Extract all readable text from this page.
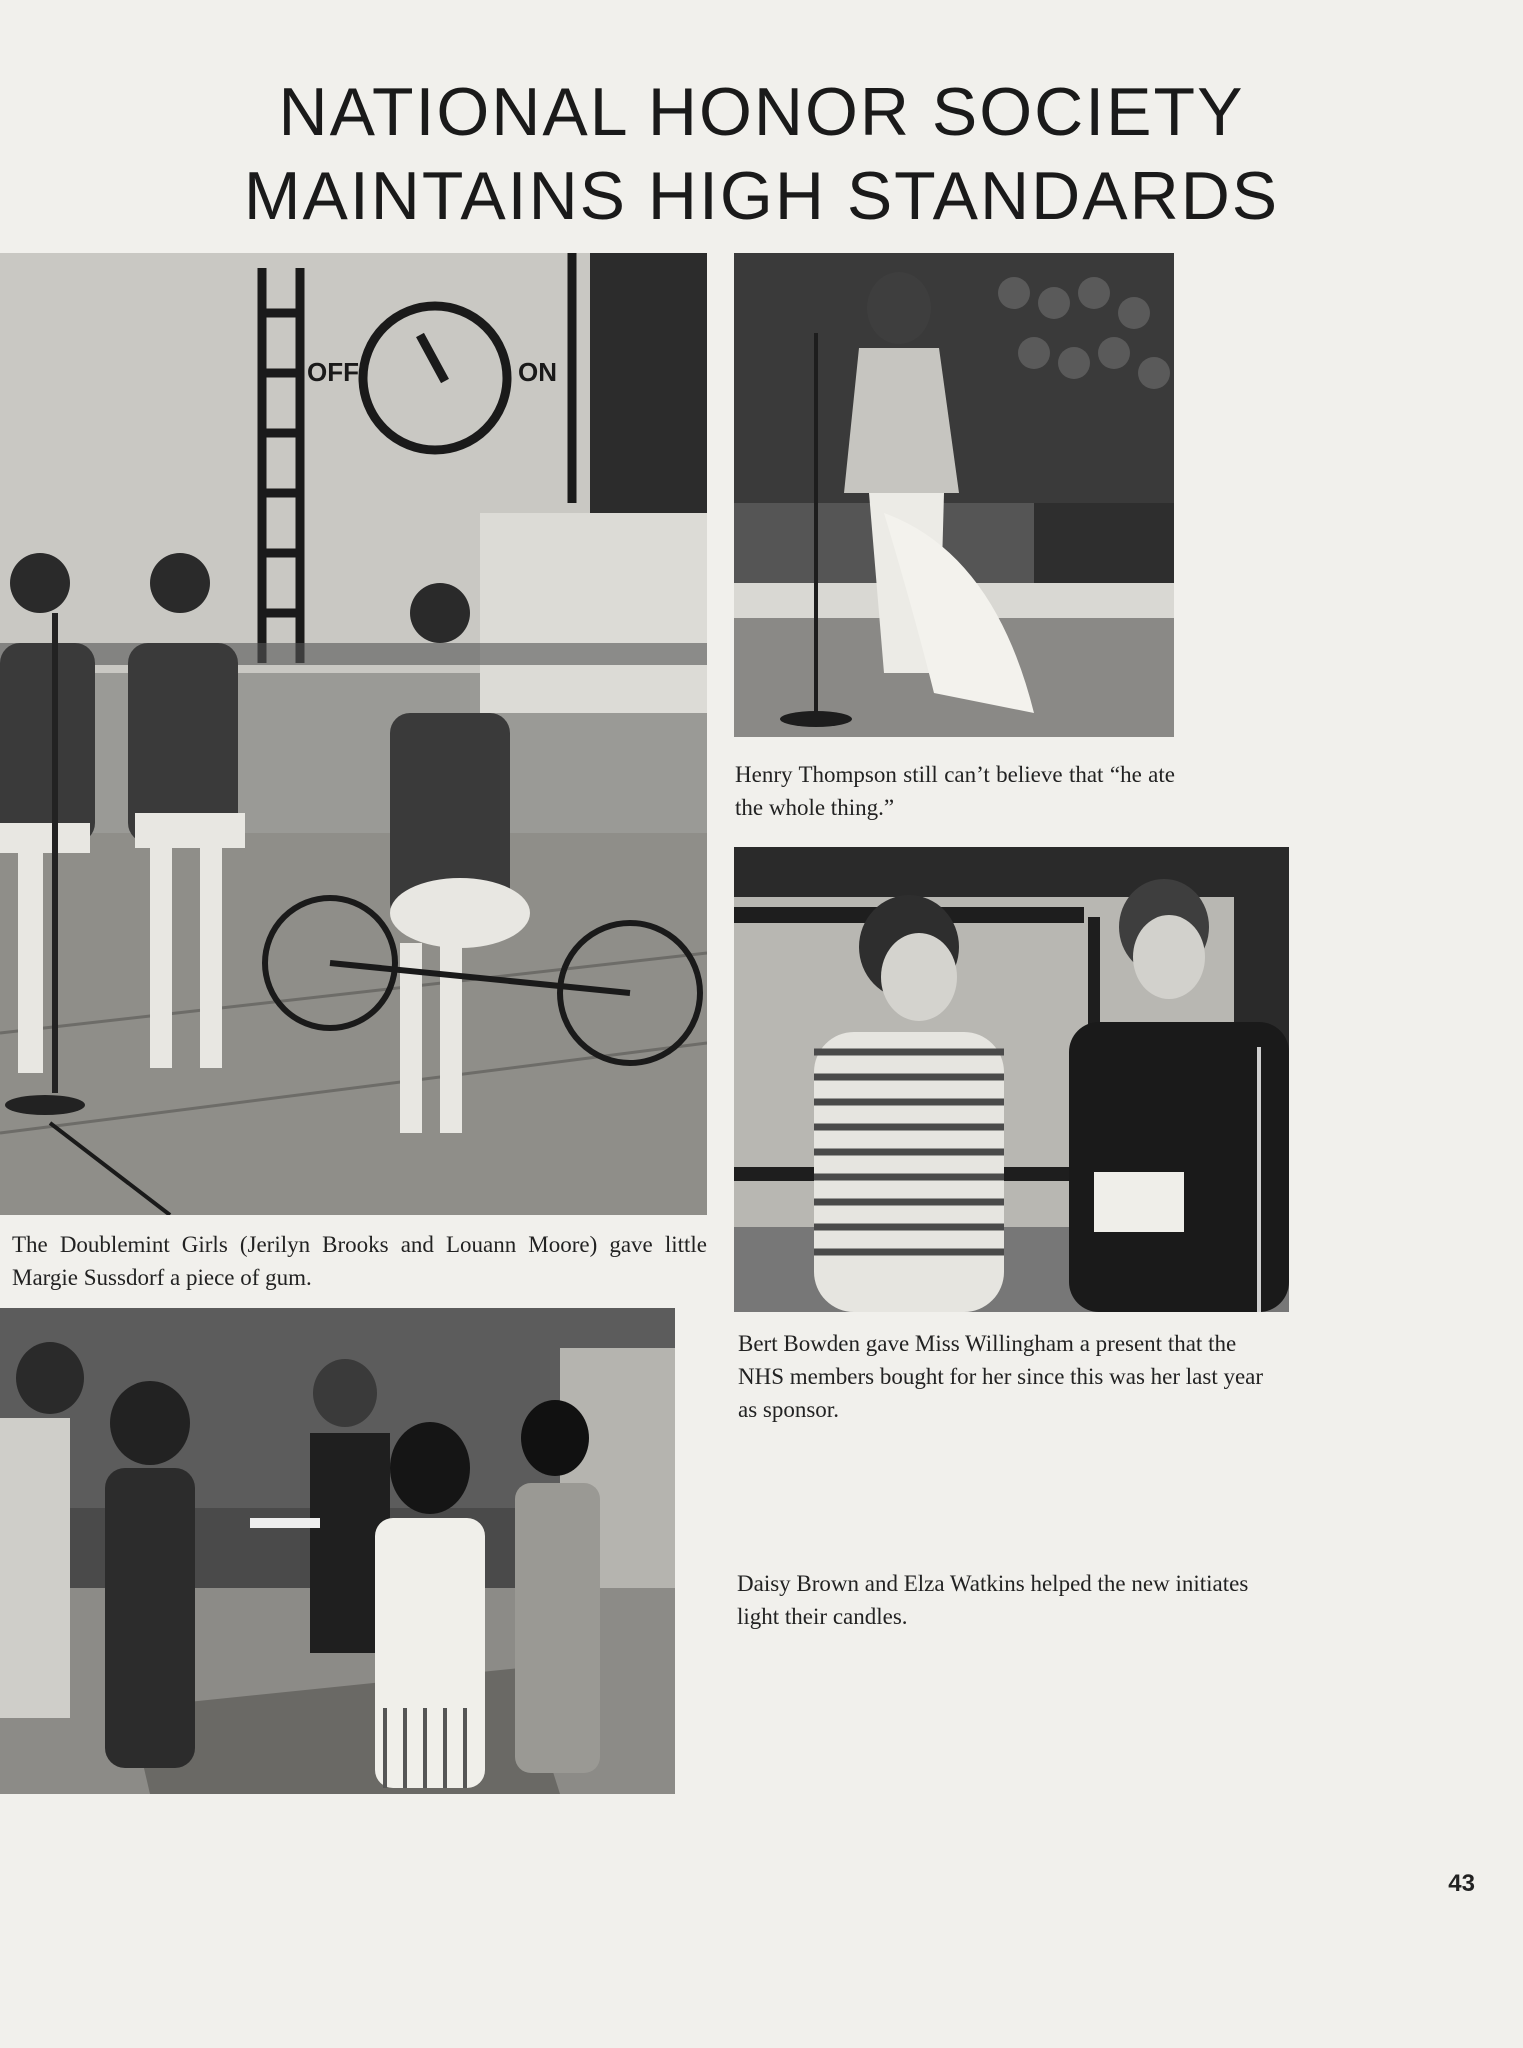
NATIONAL HONOR SOCIETY
MAINTAINS HIGH STANDARDS
OFF	ON
The Doublemint Girls (Jerilyn Brooks and Louann Moore) gave little Margie Sussdorf a piece of gum.
Henry Thompson still can’t believe that “he ate the whole thing.”
Bert Bowden gave Miss Willingham a present that the NHS members bought for her since this was her last year as sponsor.
Daisy Brown and Elza Watkins helped the new initiates light their candles.
43
